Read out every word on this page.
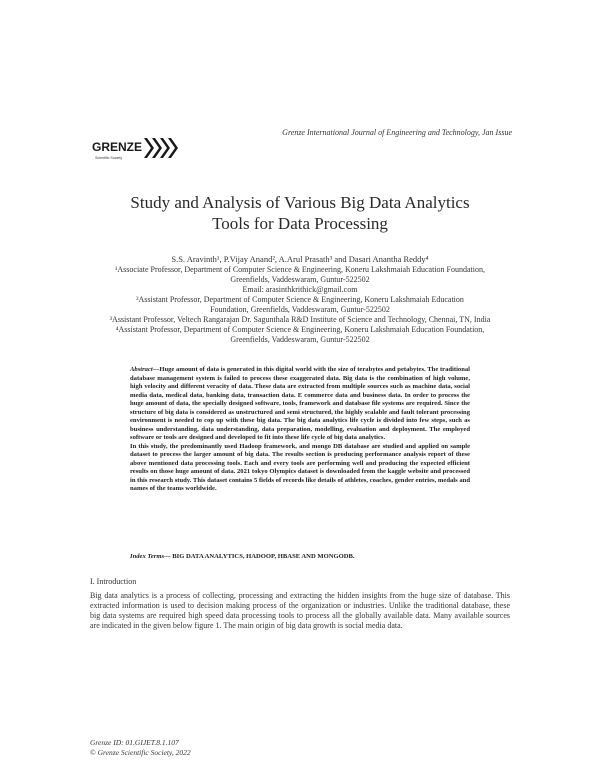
Grenze International Journal of Engineering and Technology, Jan Issue
GRENZE
Scientific Society
Study and Analysis of Various Big Data Analytics
Tools for Data Processing
S.S. Aravinth¹, P.Vijay Anand², A.Arul Prasath³ and Dasari Anantha Reddy⁴
¹Associate Professor, Department of Computer Science & Engineering, Koneru Lakshmaiah Education Foundation,
Greenfields, Vaddeswaram, Guntur-522502
Email: arasinthkrithick@gmail.com
²Assistant Professor, Department of Computer Science & Engineering, Koneru Lakshmaiah Education
Foundation, Greenfields, Vaddeswaram, Guntur-522502
³Assistant Professor, Veltech Rangarajan Dr. Sagunthala R&D Institute of Science and Technology, Chennai, TN, India
⁴Assistant Professor, Department of Computer Science & Engineering, Koneru Lakshmaiah Education Foundation,
Greenfields, Vaddeswaram, Guntur-522502

Abstract—Huge amount of data is generated in this digital world with the size of terabytes and petabytes. The traditional database management system is failed to process these exaggerated data. Big data is the combination of high volume, high velocity and different veracity of data. These data are extracted from multiple sources such as machine data, social media data, medical data, banking data, transaction data. E commerce data and business data. In order to process the huge amount of data, the specially designed software, tools, framework and database file systems are required. Since the structure of big data is considered as unstructured and semi structured, the highly scalable and fault tolerant processing environment is needed to cop up with these big data. The big data analytics life cycle is divided into few steps, such as business understanding, data understanding, data preparation, modelling, evaluation and deployment. The employed software or tools are designed and developed to fit into these life cycle of big data analytics.

In this study, the predominantly used Hadoop framework, and mongo DB database are studied and applied on sample dataset to process the larger amount of big data. The results section is producing performance analysis report of these above mentioned data processing tools. Each and every tools are performing well and producing the expected efficient results on those huge amount of data. 2021 tokyo Olympics dataset is downloaded from the kaggle website and processed in this research study. This dataset contains 5 fields of records like details of athletes, coaches, gender entries, medals and names of the teams worldwide.

Index Terms— BIG DATA ANALYTICS, HADOOP, HBASE AND MONGODB.
I. Introduction
Big data analytics is a process of collecting, processing and extracting the hidden insights from the huge size of database. This extracted information is used to decision making process of the organization or industries. Unlike the traditional database, these big data systems are required high speed data processing tools to process all the globally available data. Many available sources are indicated in the given below figure 1. The main origin of big data growth is social media data.
Grenze ID: 01.GIJET.8.1.107
© Grenze Scientific Society, 2022
